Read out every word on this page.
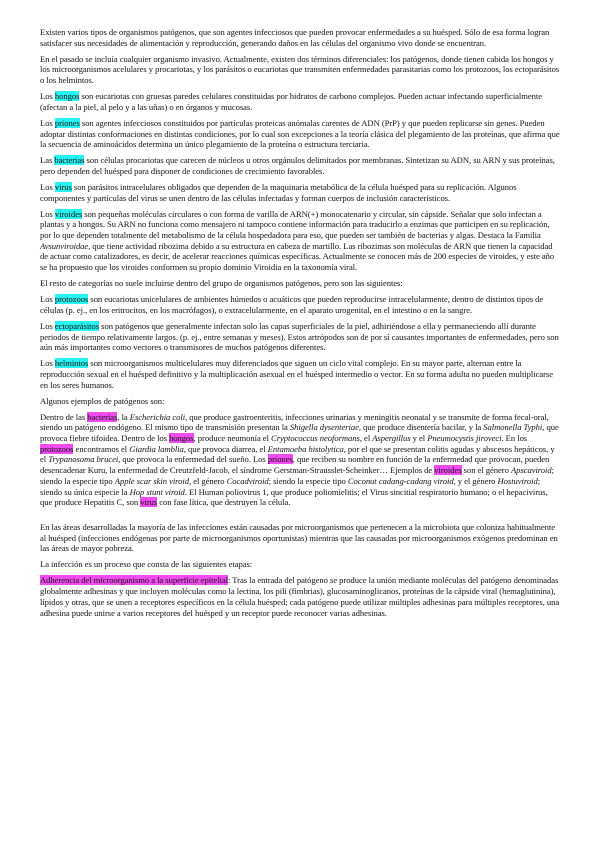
Existen varios tipos de organismos patógenos, que son agentes infecciosos que pueden provocar enfermedades a su huésped. Sólo de esa forma logran satisfacer sus necesidades de alimentación y reproducción, generando daños en las células del organismo vivo donde se encuentran.

En el pasado se incluía cualquier organismo invasivo. Actualmente, existen dos términos diferenciales: los patógenos, donde tienen cabida los hongos y los microorganismos acelulares y procariotas, y los parásitos o eucariotas que transmiten enfermedades parasitarias como los protozoos, los ectoparásitos o los helmintos.

Los hongos son eucariotas con gruesas paredes celulares constituidas por hidratos de carbono complejos. Pueden actuar infectando superficialmente (afectan a la piel, al pelo y a las uñas) o en órganos y mucosas.

Los priones son agentes infecciosos constituidos por partículas proteicas anómalas carentes de ADN (PrP) y que pueden replicarse sin genes. Pueden adoptar distintas conformaciones en distintas condiciones, por lo cual son excepciones a la teoría clásica del plegamiento de las proteínas, que afirma que la secuencia de aminoácidos determina un único plegamiento de la proteína o estructura terciaria.

Las bacterias son células procariotas que carecen de núcleos u otros orgánulos delimitados por membranas. Sintetizan su ADN, su ARN y sus proteínas, pero dependen del huésped para disponer de condiciones de crecimiento favorables.

Los virus son parásitos intracelulares obligados que dependen de la maquinaria metabólica de la célula huésped para su replicación. Algunos componentes y partículas del virus se unen dentro de las células infectadas y forman cuerpos de inclusión característicos.

Los viroides son pequeñas moléculas circulares o con forma de varilla de ARN(+) monocatenario y circular, sin cápside. Señalar que solo infectan a plantas y a hongos. Su ARN no funciona como mensajero ni tampoco contiene información para traducirlo a enzimas que participen en su replicación, por lo que dependen totalmente del metabolismo de la célula hospedadora para eso, que pueden ser también de bacterias y algas. Destaca la Familia Avsunviroidae, que tiene actividad ribozima debido a su estructura en cabeza de martillo. Las ribozimas son moléculas de ARN que tienen la capacidad de actuar como catalizadores, es decir, de acelerar reacciones químicas específicas. Actualmente se conocen más de 200 especies de viroides, y este año se ha propuesto que los viroides conformen su propio dominio Viroidia en la taxonomía viral.

El resto de categorías no suele incluirse dentro del grupo de organismos patógenos, pero son las siguientes:

Los protozoos son eucariotas unicelulares de ambientes húmedos o acuáticos que pueden reproducirse intracelularmente, dentro de distintos tipos de células (p. ej., en los eritrocitos, en los macrófagos), o extracelularmente, en el aparato urogenital, en el intestino o en la sangre.

Los ectoparásitos son patógenos que generalmente infectan solo las capas superficiales de la piel, adhiriéndose a ella y permaneciendo allí durante periodos de tiempo relativamente largos. (p. ej., entre semanas y meses). Estos artrópodos son de por sí causantes importantes de enfermedades, pero son aún más importantes como vectores o transmisores de muchos patógenos diferentes.

Los helmintos son microorganismos multicelulares muy diferenciados que siguen un ciclo vital complejo. En su mayor parte, alternan entre la reproducción sexual en el huésped definitivo y la multiplicación asexual en el huésped intermedio o vector. En su forma adulta no pueden multiplicarse en los seres humanos.

Algunos ejemplos de patógenos son:

Dentro de las bacterias, la Escherichia coli, que produce gastroenteritis, infecciones urinarias y meningitis neonatal y se transmite de forma fecal-oral, siendo un patógeno endógeno. El mismo tipo de transmisión presentan la Shigella dysenteriae, que produce disentería bacilar, y la Salmonella Typhi, que provoca fiebre tifoidea. Dentro de los hongos, produce neumonía el Cryptococcus neoformans, el Aspergillus y el Pneumocystis jiroveci. En los protozoos encontramos el Giardia lamblia, que provoca diarrea, el Entamoeba histolytica, por el que se presentan colitis agudas y abscesos hepáticos, y el Trypanosoma brucei, que provoca la enfermedad del sueño. Los priones, que reciben su nombre en función de la enfermedad que provocan, pueden desencadenar Kuru, la enfermedad de Creutzfeld-Jacob, el síndrome Gerstman-Strausslet-Scheinker… Ejemplos de viroides son el género Apscaviroid; siendo la especie tipo Apple scar skin viroid, el género Cocadviroid; siendo la especie tipo Coconut cadang-cadang viroid, y el género Hostuviroid; siendo su única especie la Hop stunt viroid. El Human poliovirus 1, que produce poliomielitis; el Virus sincitial respiratorio humano; o el hepacivirus, que produce Hepatitis C, son virus con fase lítica, que destruyen la célula.

En las áreas desarrolladas la mayoría de las infecciones están causadas por microorganismos que pertenecen a la microbiota que coloniza habitualmente al huésped (infecciones endógenas por parte de microorganismos oportunistas) mientras que las causadas por microorganismos exógenos predominan en las áreas de mayor pobreza.

La infección es un proceso que consta de las siguientes etapas:

Adherencia del microorganismo a la superficie epitelial: Tras la entrada del patógeno se produce la unión mediante moléculas del patógeno denominadas globalmente adhesinas y que incluyen moléculas como la lectina, los pili (fimbrias), glucosaminoglicanos, proteínas de la cápside viral (hemaglutinina), lípidos y otras, que se unen a receptores específicos en la célula huésped; cada patógeno puede utilizar múltiples adhesinas para múltiples receptores, una adhesina puede unirse a varios receptores del huésped y un receptor puede reconocer varias adhesinas.
